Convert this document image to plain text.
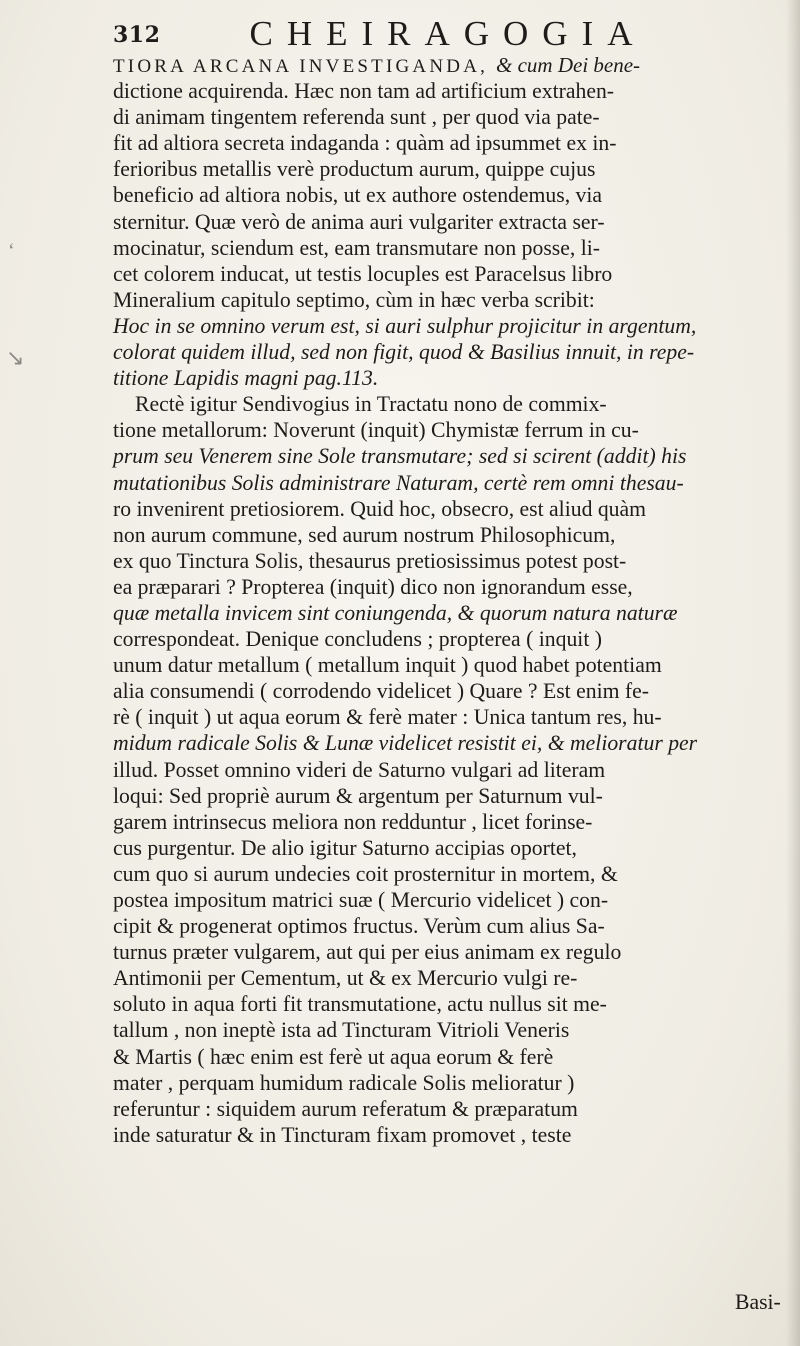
312	CHEIRAGOGIA
TIORA ARCANA INVESTIGANDA, & cum Dei bene-
dictione acquirenda. Hæc non tam ad artificium extrahen-
di animam tingentem referenda sunt , per quod via pate-
fit ad altiora secreta indaganda : quàm ad ipsummet ex in-
ferioribus metallis verè productum aurum, quippe cujus
beneficio ad altiora nobis, ut ex authore ostendemus, via
sternitur. Quæ verò de anima auri vulgariter extracta ser-
mocinatur, sciendum est, eam transmutare non posse, li-
cet colorem inducat, ut testis locuples est Paracelsus libro
Mineralium capitulo septimo, cùm in hæc verba scribit:
Hoc in se omnino verum est, si auri sulphur projicitur in argentum,
colorat quidem illud, sed non figit, quod & Basilius innuit, in repe-
titione Lapidis magni pag.113.
Rectè igitur Sendivogius in Tractatu nono de commix-
tione metallorum: Noverunt (inquit) Chymistæ ferrum in cu-
prum seu Venerem sine Sole transmutare; sed si scirent (addit) his
mutationibus Solis administrare Naturam, certè rem omni thesau-
ro invenirent pretiosiorem. Quid hoc, obsecro, est aliud quàm
non aurum commune, sed aurum nostrum Philosophicum,
ex quo Tinctura Solis, thesaurus pretiosissimus potest post-
ea præparari ? Propterea (inquit) dico non ignorandum esse,
quæ metalla invicem sint coniungenda, & quorum natura naturæ
correspondeat. Denique concludens ; propterea ( inquit )
unum datur metallum ( metallum inquit ) quod habet potentiam
alia consumendi ( corrodendo videlicet ) Quare ? Est enim fe-
rè ( inquit ) ut aqua eorum & ferè mater : Unica tantum res, hu-
midum radicale Solis & Lunæ videlicet resistit ei, & melioratur per
illud. Posset omnino videri de Saturno vulgari ad literam
loqui: Sed propriè aurum & argentum per Saturnum vul-
garem intrinsecus meliora non redduntur , licet forinse-
cus purgentur. De alio igitur Saturno accipias oportet,
cum quo si aurum undecies coit prosternitur in mortem, &
postea impositum matrici suæ ( Mercurio videlicet ) con-
cipit & progenerat optimos fructus. Verùm cum alius Sa-
turnus præter vulgarem, aut qui per eius animam ex regulo
Antimonii per Cementum, ut & ex Mercurio vulgi re-
soluto in aqua forti fit transmutatione, actu nullus sit me-
tallum , non ineptè ista ad Tincturam Vitrioli Veneris
& Martis ( hæc enim est ferè ut aqua eorum & ferè
mater , perquam humidum radicale Solis melioratur )
referuntur : siquidem aurum referatum & præparatum
inde saturatur & in Tincturam fixam promovet , teste
Basi-
‘
↘
